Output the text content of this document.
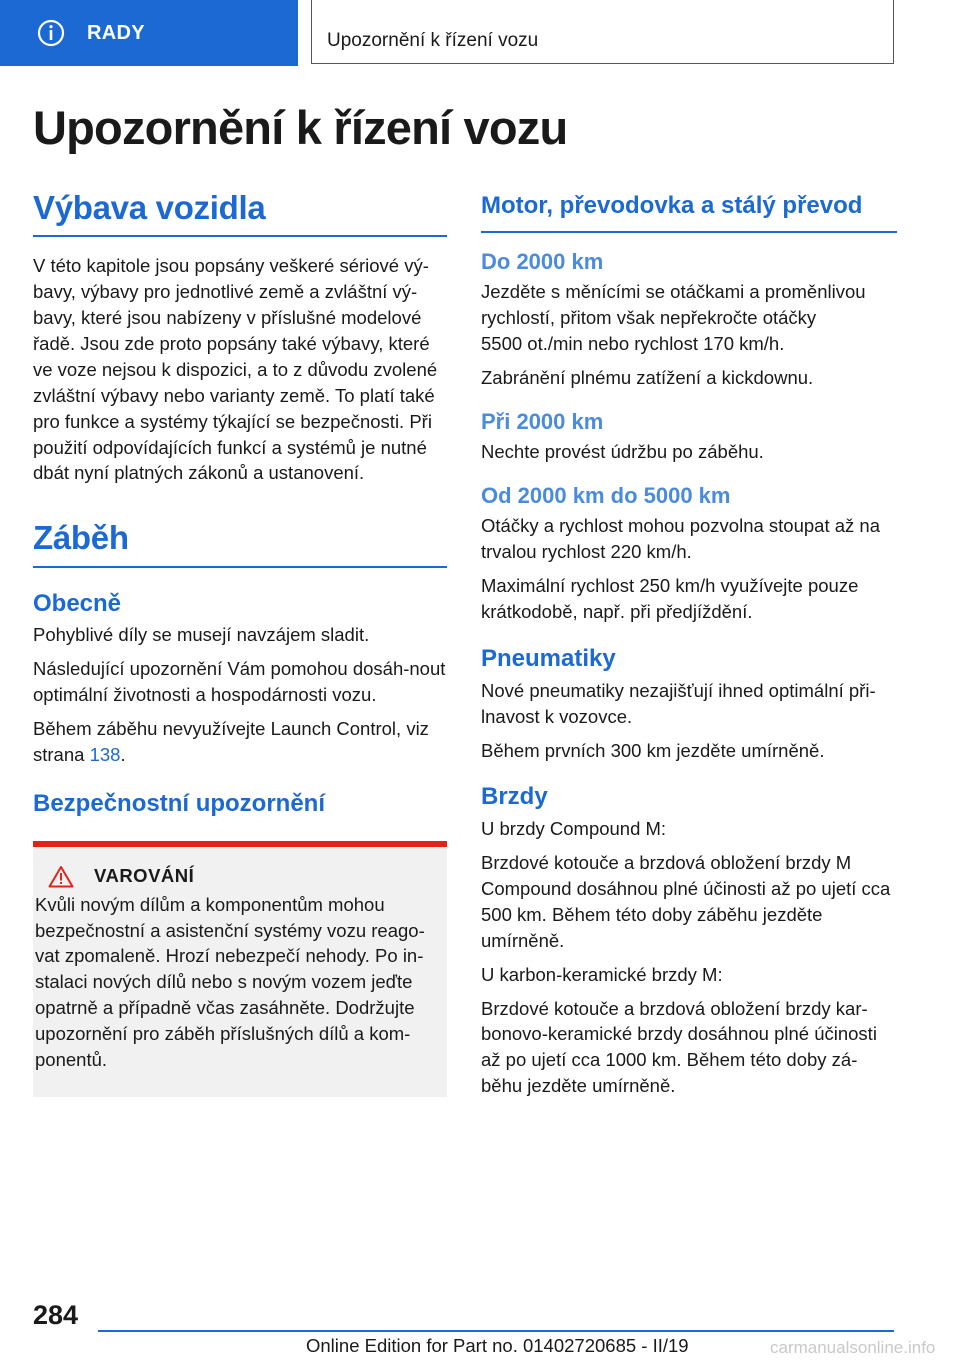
RADY	Upozornění k řízení vozu
Upozornění k řízení vozu
Výbava vozidla

V této kapitole jsou popsány veškeré sériové vý-bavy, výbavy pro jednotlivé země a zvláštní vý-bavy, které jsou nabízeny v příslušné modelové řadě. Jsou zde proto popsány také výbavy, které ve voze nejsou k dispozici, a to z důvodu zvolené zvláštní výbavy nebo varianty země. To platí také pro funkce a systémy týkající se bezpečnosti. Při použití odpovídajících funkcí a systémů je nutné dbát nyní platných zákonů a ustanovení.

Záběh
Obecně

Pohyblivé díly se musejí navzájem sladit.

Následující upozornění Vám pomohou dosáh-nout optimální životnosti a hospodárnosti vozu.

Během záběhu nevyužívejte Launch Control, viz strana 138.

Bezpečnostní upozornění
VAROVÁNÍ

Kvůli novým dílům a komponentům mohou bezpečnostní a asistenční systémy vozu reago-vat zpomaleně. Hrozí nebezpečí nehody. Po in-stalaci nových dílů nebo s novým vozem jeďte opatrně a případně včas zasáhněte. Dodržujte upozornění pro záběh příslušných dílů a kom-ponentů.

Motor, převodovka a stálý převod
Do 2000 km

Jezděte s měnícími se otáčkami a proměnlivou rychlostí, přitom však nepřekročte otáčky

5500 ot./min nebo rychlost 170 km/h.

Zabránění plnému zatížení a kickdownu.

Při 2000 km

Nechte provést údržbu po záběhu.

Od 2000 km do 5000 km

Otáčky a rychlost mohou pozvolna stoupat až na trvalou rychlost 220 km/h.

Maximální rychlost 250 km/h využívejte pouze krátkodobě, např. při předjíždění.

Pneumatiky

Nové pneumatiky nezajišťují ihned optimální při-lnavost k vozovce.

Během prvních 300 km jezděte umírněně.

Brzdy

U brzdy Compound M:

Brzdové kotouče a brzdová obložení brzdy M Compound dosáhnou plné účinosti až po ujetí cca 500 km. Během této doby záběhu jezděte umírněně.

U karbon-keramické brzdy M:

Brzdové kotouče a brzdová obložení brzdy kar-bonovo-keramické brzdy dosáhnou plné účinosti až po ujetí cca 1000 km. Během této doby zá-běhu jezděte umírněně.

284
Online Edition for Part no. 01402720685 - II/19	carmanualsonline.info
